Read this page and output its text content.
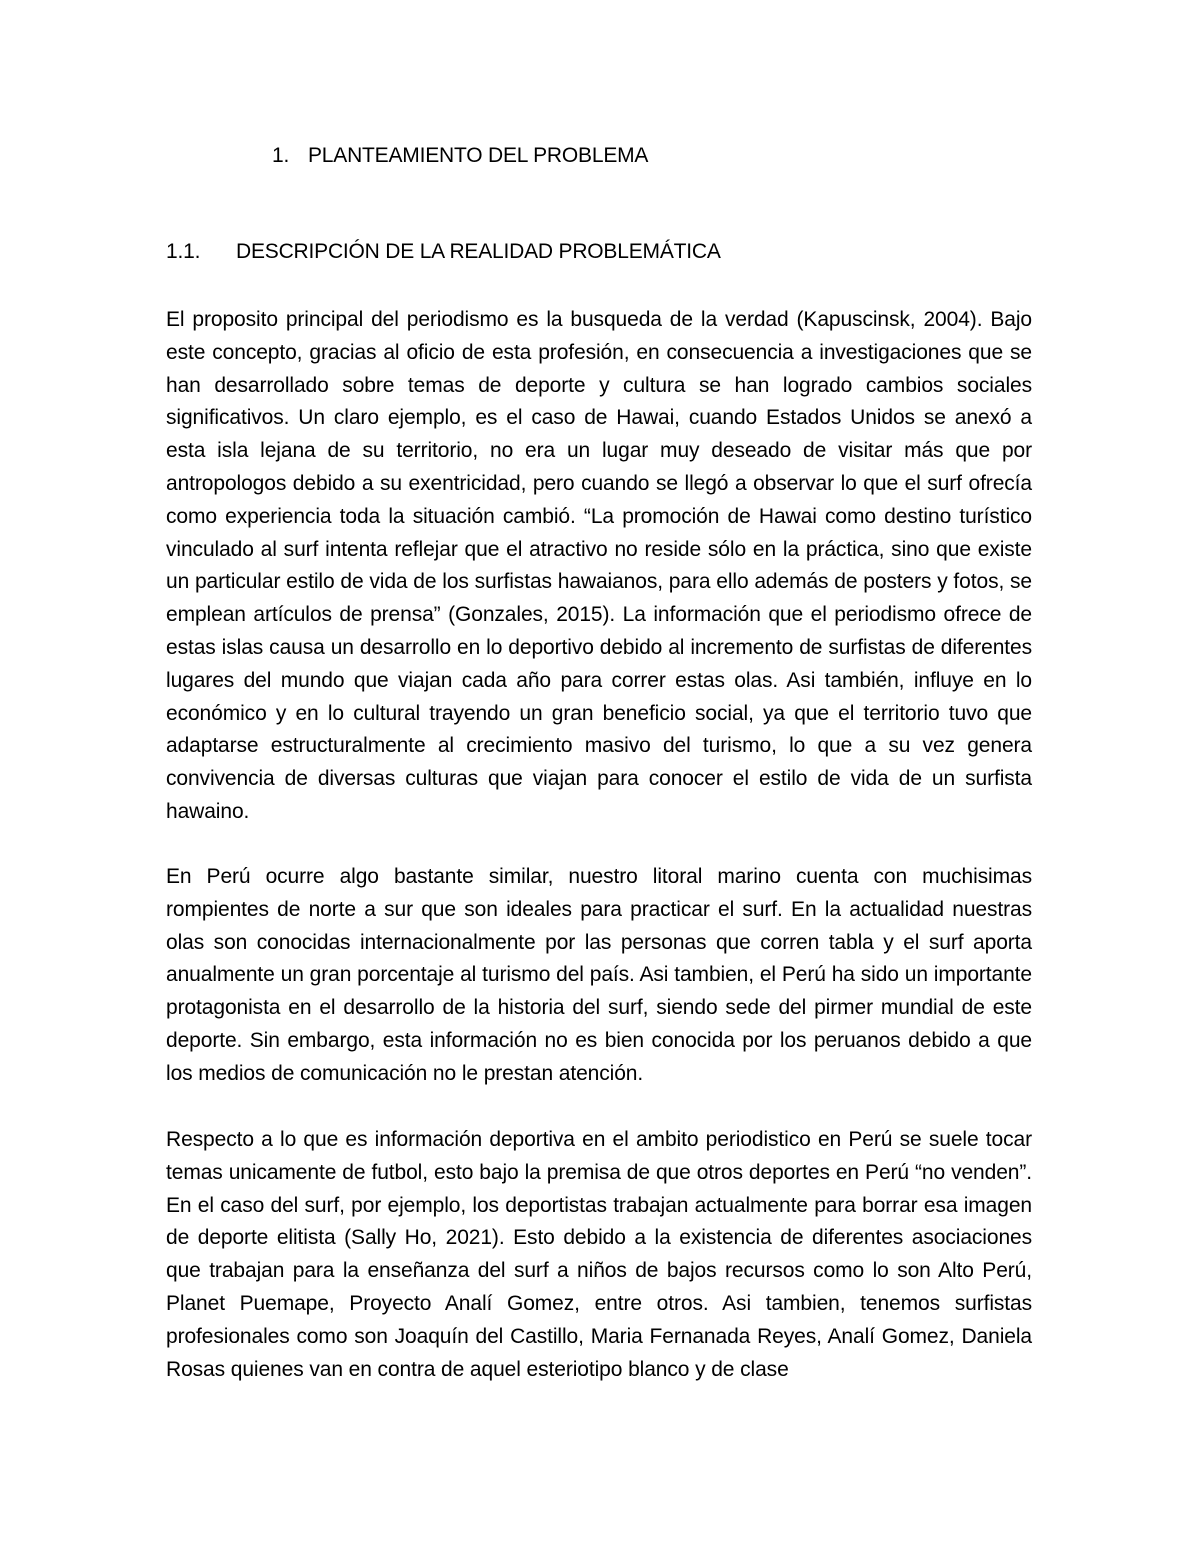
1. PLANTEAMIENTO DEL PROBLEMA
1.1. DESCRIPCIÓN DE LA REALIDAD PROBLEMÁTICA

El proposito principal del periodismo es la busqueda de la verdad (Kapuscinsk, 2004). Bajo este concepto, gracias al oficio de esta profesión, en consecuencia a investigaciones que se han desarrollado sobre temas de deporte y cultura se han logrado cambios sociales significativos. Un claro ejemplo, es el caso de Hawai, cuando Estados Unidos se anexó a esta isla lejana de su territorio, no era un lugar muy deseado de visitar más que por antropologos debido a su exentricidad, pero cuando se llegó a observar lo que el surf ofrecía como experiencia toda la situación cambió. “La promoción de Hawai como destino turístico vinculado al surf intenta reflejar que el atractivo no reside sólo en la práctica, sino que existe un particular estilo de vida de los surfistas hawaianos, para ello además de posters y fotos, se emplean artículos de prensa” (Gonzales, 2015). La información que el periodismo ofrece de estas islas causa un desarrollo en lo deportivo debido al incremento de surfistas de diferentes lugares del mundo que viajan cada año para correr estas olas. Asi también, influye en lo económico y en lo cultural trayendo un gran beneficio social, ya que el territorio tuvo que adaptarse estructuralmente al crecimiento masivo del turismo, lo que a su vez genera convivencia de diversas culturas que viajan para conocer el estilo de vida de un surfista hawaino.

En Perú ocurre algo bastante similar, nuestro litoral marino cuenta con muchisimas rompientes de norte a sur que son ideales para practicar el surf. En la actualidad nuestras olas son conocidas internacionalmente por las personas que corren tabla y el surf aporta anualmente un gran porcentaje al turismo del país. Asi tambien, el Perú ha sido un importante protagonista en el desarrollo de la historia del surf, siendo sede del pirmer mundial de este deporte. Sin embargo, esta información no es bien conocida por los peruanos debido a que los medios de comunicación no le prestan atención.

Respecto a lo que es información deportiva en el ambito periodistico en Perú se suele tocar temas unicamente de futbol, esto bajo la premisa de que otros deportes en Perú “no venden”. En el caso del surf, por ejemplo, los deportistas trabajan actualmente para borrar esa imagen de deporte elitista (Sally Ho, 2021). Esto debido a la existencia de diferentes asociaciones que trabajan para la enseñanza del surf a niños de bajos recursos como lo son Alto Perú, Planet Puemape, Proyecto Analí Gomez, entre otros. Asi tambien, tenemos surfistas profesionales como son Joaquín del Castillo, Maria Fernanada Reyes, Analí Gomez, Daniela Rosas quienes van en contra de aquel esteriotipo blanco y de clase
